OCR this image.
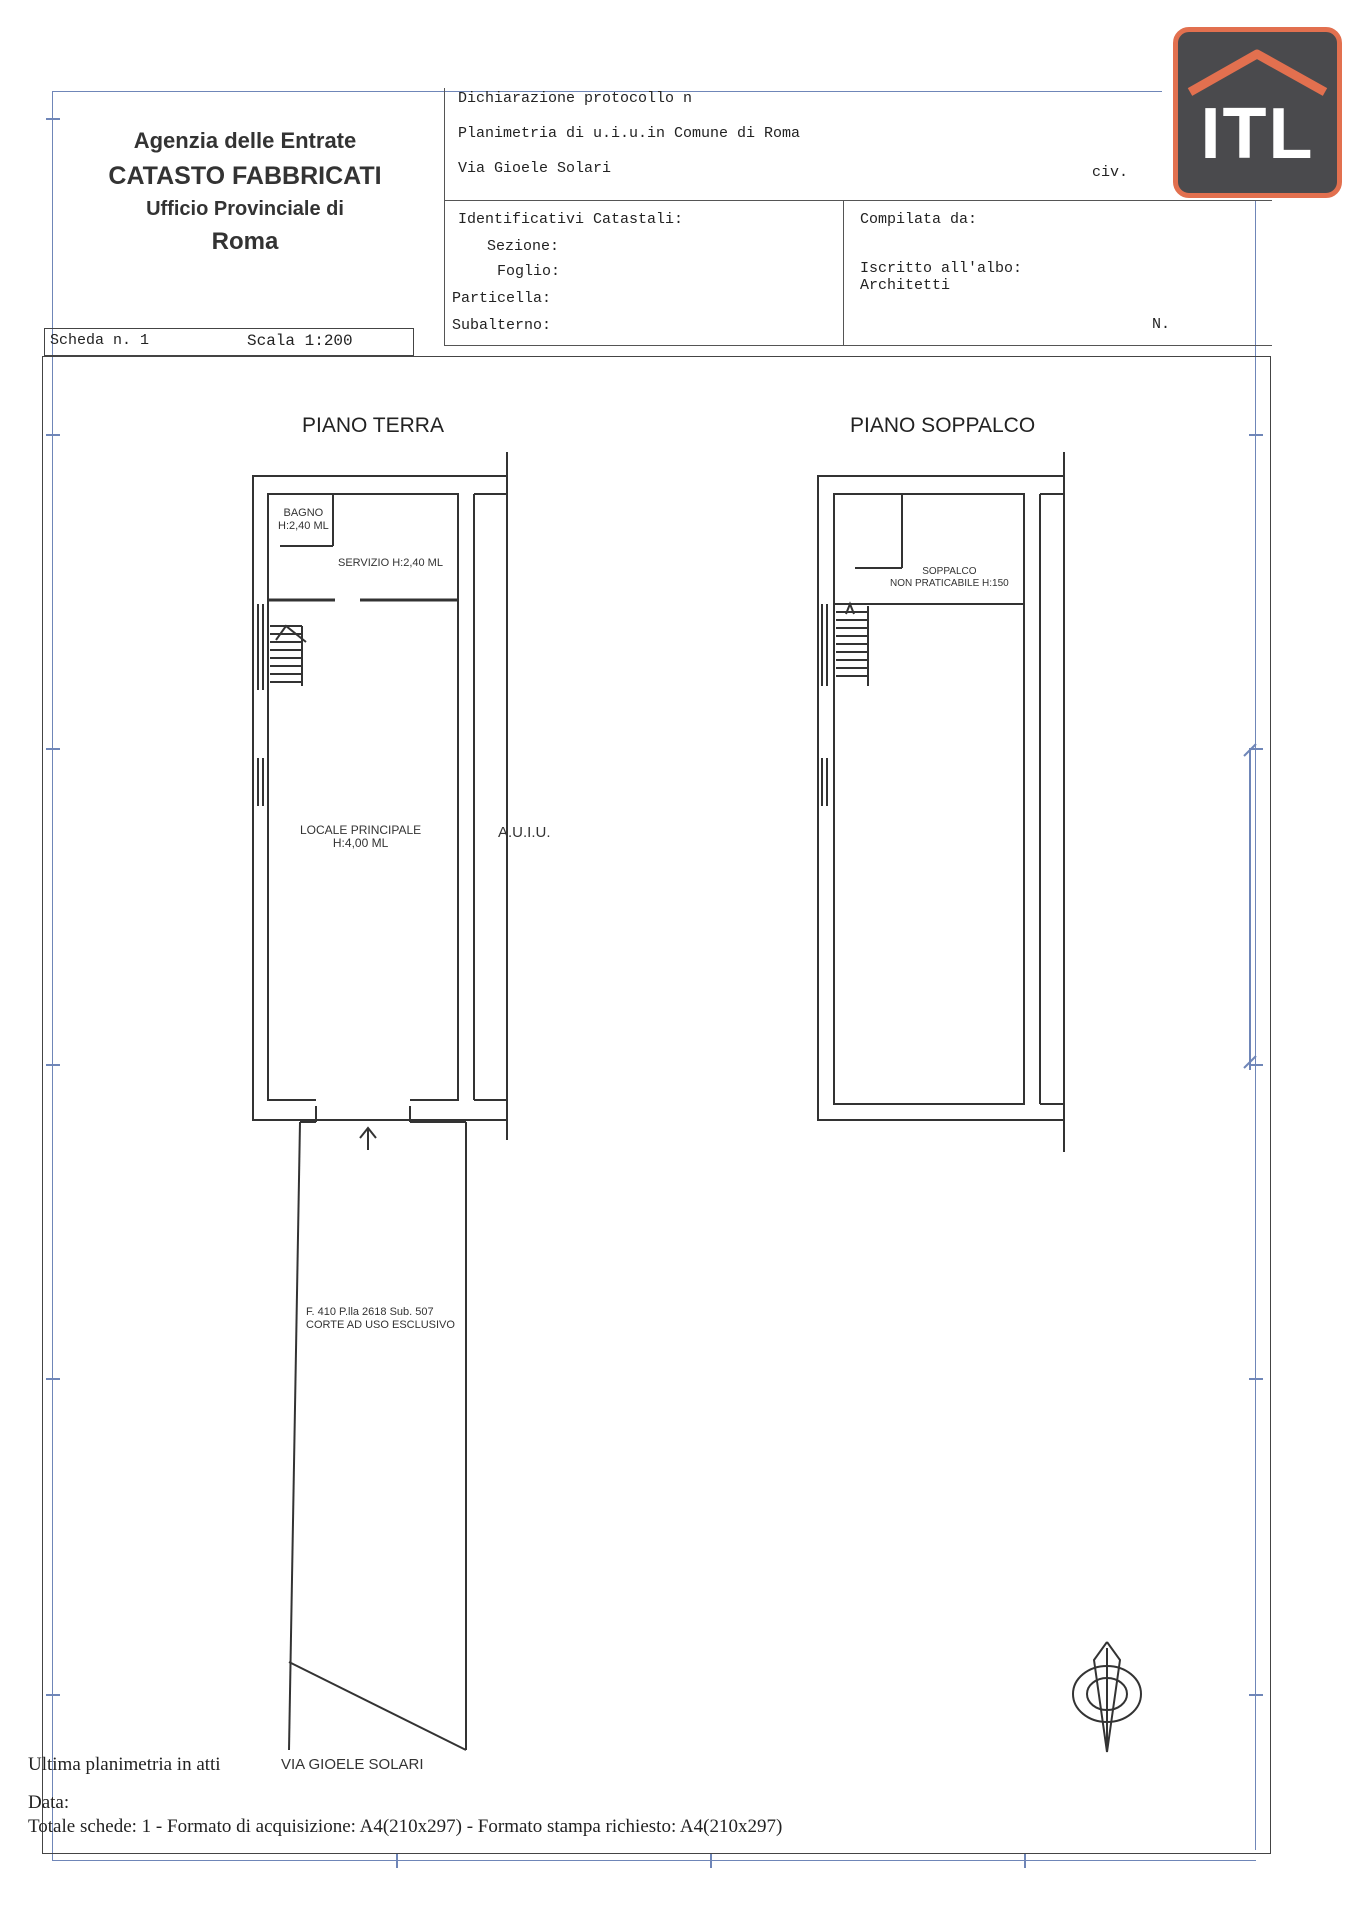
ITL
Agenzia delle Entrate
CATASTO FABBRICATI
Ufficio Provinciale di
Roma
Dichiarazione protocollo n
Planimetria di u.i.u.in Comune di Roma
Via Gioele Solari	civ.
Identificativi Catastali:
Sezione:
Foglio:
Particella:
Subalterno:
Compilata da:
Iscritto all'albo:
Architetti
N.
Scheda n. 1	Scala 1:200
PIANO TERRA	PIANO SOPPALCO
BAGNO
H:2,40 ML
SERVIZIO H:2,40 ML
LOCALE PRINCIPALE
H:4,00 ML
A.U.I.U.
SOPPALCO
NON PRATICABILE H:150
F. 410 P.lla 2618 Sub. 507
CORTE AD USO ESCLUSIVO
VIA GIOELE SOLARI
Ultima planimetria in atti
Data:
Totale schede: 1 - Formato di acquisizione: A4(210x297) - Formato stampa richiesto: A4(210x297)
